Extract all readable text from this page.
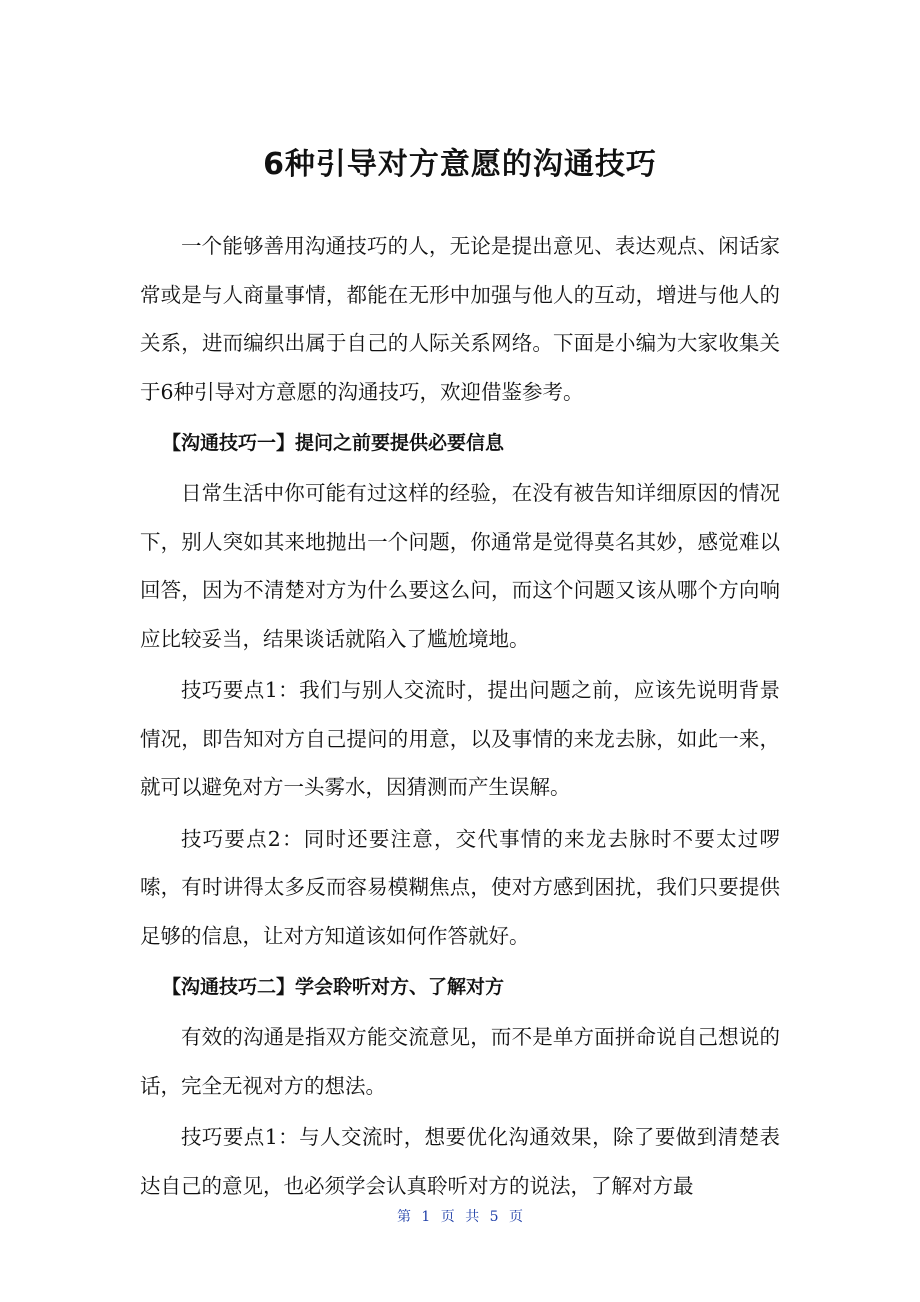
6种引导对方意愿的沟通技巧

一个能够善用沟通技巧的人，无论是提出意见、表达观点、闲话家常或是与人商量事情，都能在无形中加强与他人的互动，增进与他人的关系，进而编织出属于自己的人际关系网络。下面是小编为大家收集关于6种引导对方意愿的沟通技巧，欢迎借鉴参考。

【沟通技巧一】提问之前要提供必要信息

日常生活中你可能有过这样的经验，在没有被告知详细原因的情况　下，别人突如其来地抛出一个问题，你通常是觉得莫名其妙，感觉难以回答，因为不清楚对方为什么要这么问，而这个问题又该从哪个方向响应比较妥当，结果谈话就陷入了尴尬境地。

技巧要点1：我们与别人交流时，提出问题之前，应该先说明背景情况，即告知对方自己提问的用意，以及事情的来龙去脉，如此一来，就可以避免对方一头雾水，因猜测而产生误解。

技巧要点2：同时还要注意，交代事情的来龙去脉时不要太过啰嗦，有时讲得太多反而容易模糊焦点，使对方感到困扰，我们只要提供足够的信息，让对方知道该如何作答就好。

【沟通技巧二】学会聆听对方、了解对方

有效的沟通是指双方能交流意见，而不是单方面拼命说自己想说的话，完全无视对方的想法。

技巧要点1：与人交流时，想要优化沟通效果，除了要做到清楚表达自己的意见，也必须学会认真聆听对方的说法，了解对方最

第 1 页 共 5 页
